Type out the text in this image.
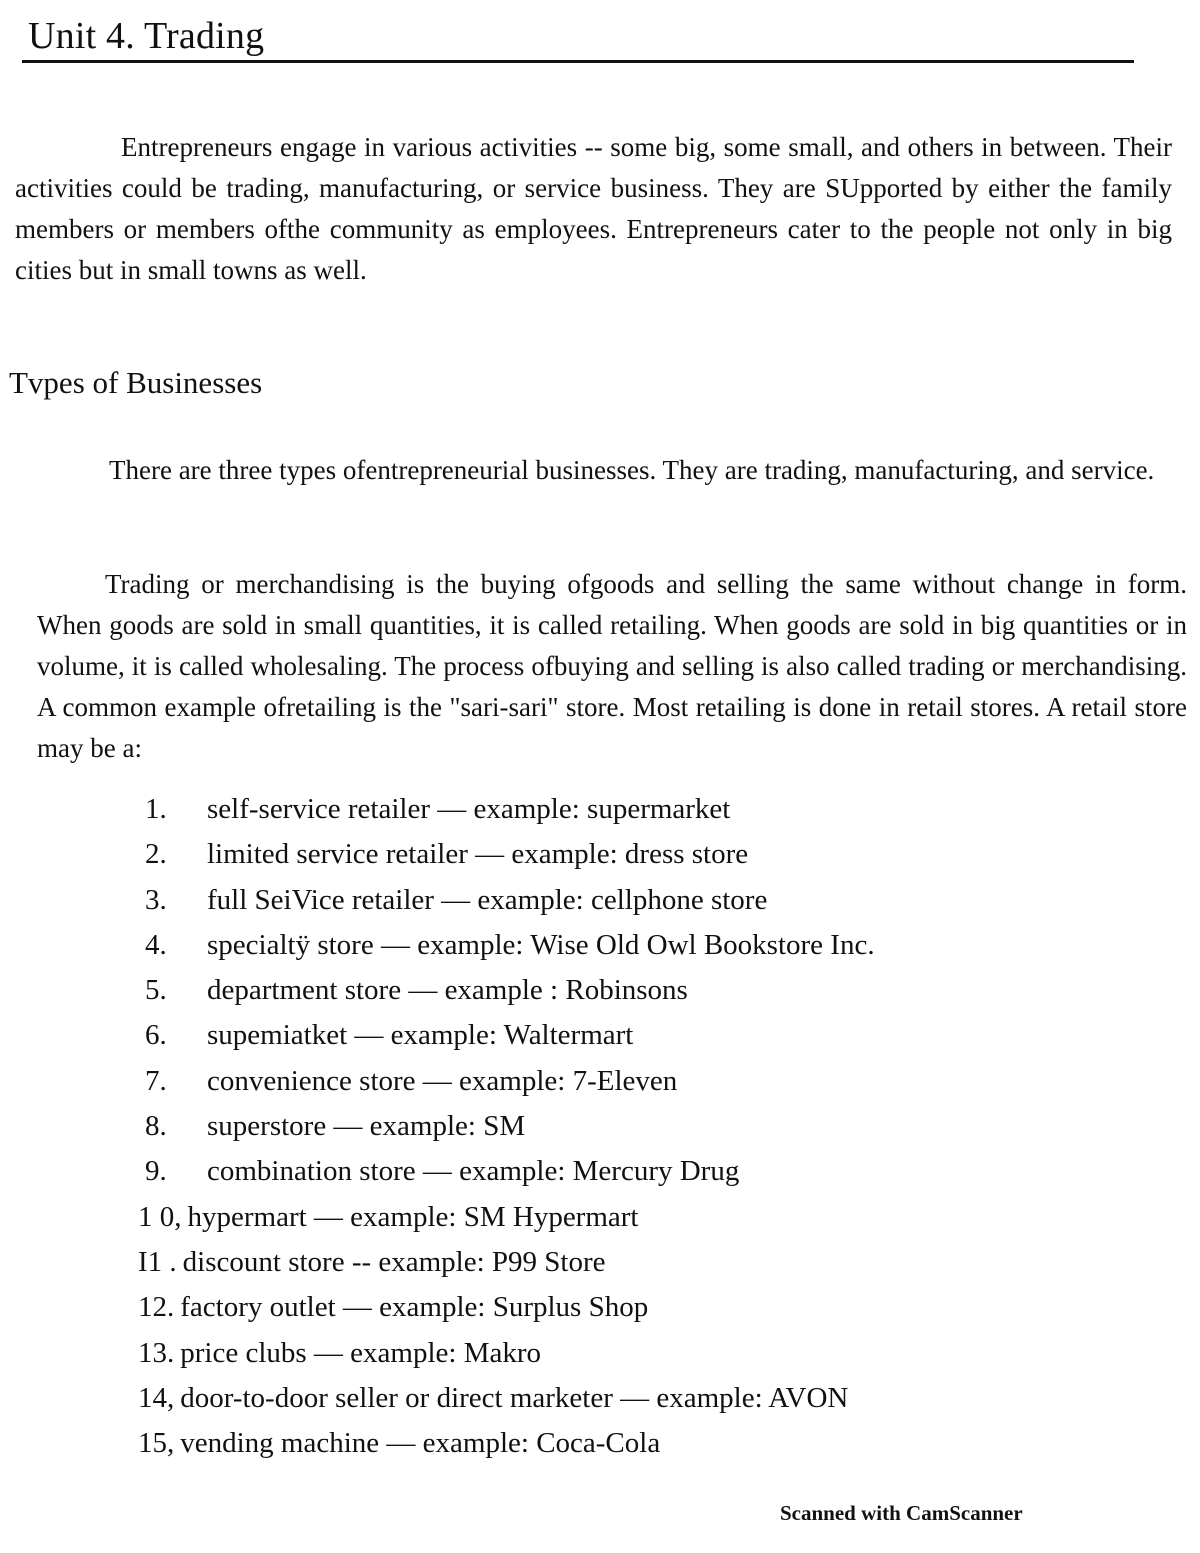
Unit 4. Trading

Entrepreneurs engage in various activities -- some big, some small, and others in between. Their activities could be trading, manufacturing, or service business. They are SUpported by either the family members or members ofthe community as employees. Entrepreneurs cater to the people not only in big cities but in small towns as well.

Tvpes of Businesses

There are three types ofentrepreneurial businesses. They are trading, manufacturing, and service.

Trading or merchandising is the buying ofgoods and selling the same without change in form. When goods are sold in small quantities, it is called retailing. When goods are sold in big quantities or in volume, it is called wholesaling. The process ofbuying and selling is also called trading or merchandising. A common example ofretailing is the "sari-sari" store. Most retailing is done in retail stores. A retail store may be a:

1. self-service retailer — example: supermarket
2. limited service retailer — example: dress store
3. full SeiVice retailer — example: cellphone store
4. specialtÿ store — example: Wise Old Owl Bookstore Inc.
5. department store — example : Robinsons
6. supemiatket — example: Waltermart
7. convenience store — example: 7-Eleven
8. superstore — example: SM
9. combination store — example: Mercury Drug
1 0, hypermart — example: SM Hypermart
I1 . discount store -- example: P99 Store
12. factory outlet — example: Surplus Shop
13. price clubs — example: Makro
14, door-to-door seller or direct marketer — example: AVON
15, vending machine — example: Coca-Cola
Scanned with CamScanner
